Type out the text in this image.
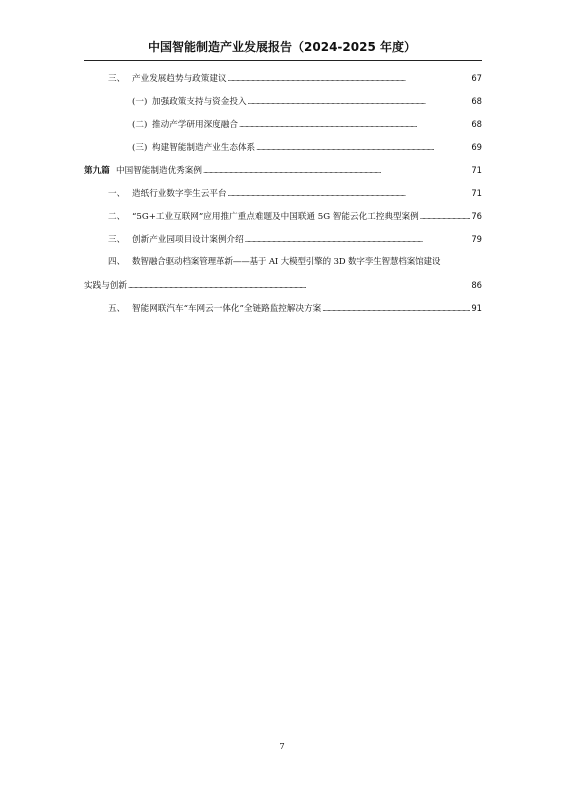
中国智能制造产业发展报告（2024-2025 年度）
三、 产业发展趋势与政策建议 . . .	67
(一) 加强政策支持与资金投入 . . .	68
(二) 推动产学研用深度融合 . . .	68
(三) 构建智能制造产业生态体系 . . .	69
第九篇 中国智能制造优秀案例 . . .	71
一、 造纸行业数字孪生云平台 . . .	71
二、 “5G+工业互联网”应用推广重点难题及中国联通 5G 智能云化工控典型案例 . . .	76
三、 创新产业园项目设计案例介绍 . . .	79
四、 数智融合驱动档案管理革新——基于 AI 大模型引擎的 3D 数字孪生智慧档案馆建设
实践与创新 . . .	86
五、 智能网联汽车“车网云一体化”全链路监控解决方案 . . .	91
7
